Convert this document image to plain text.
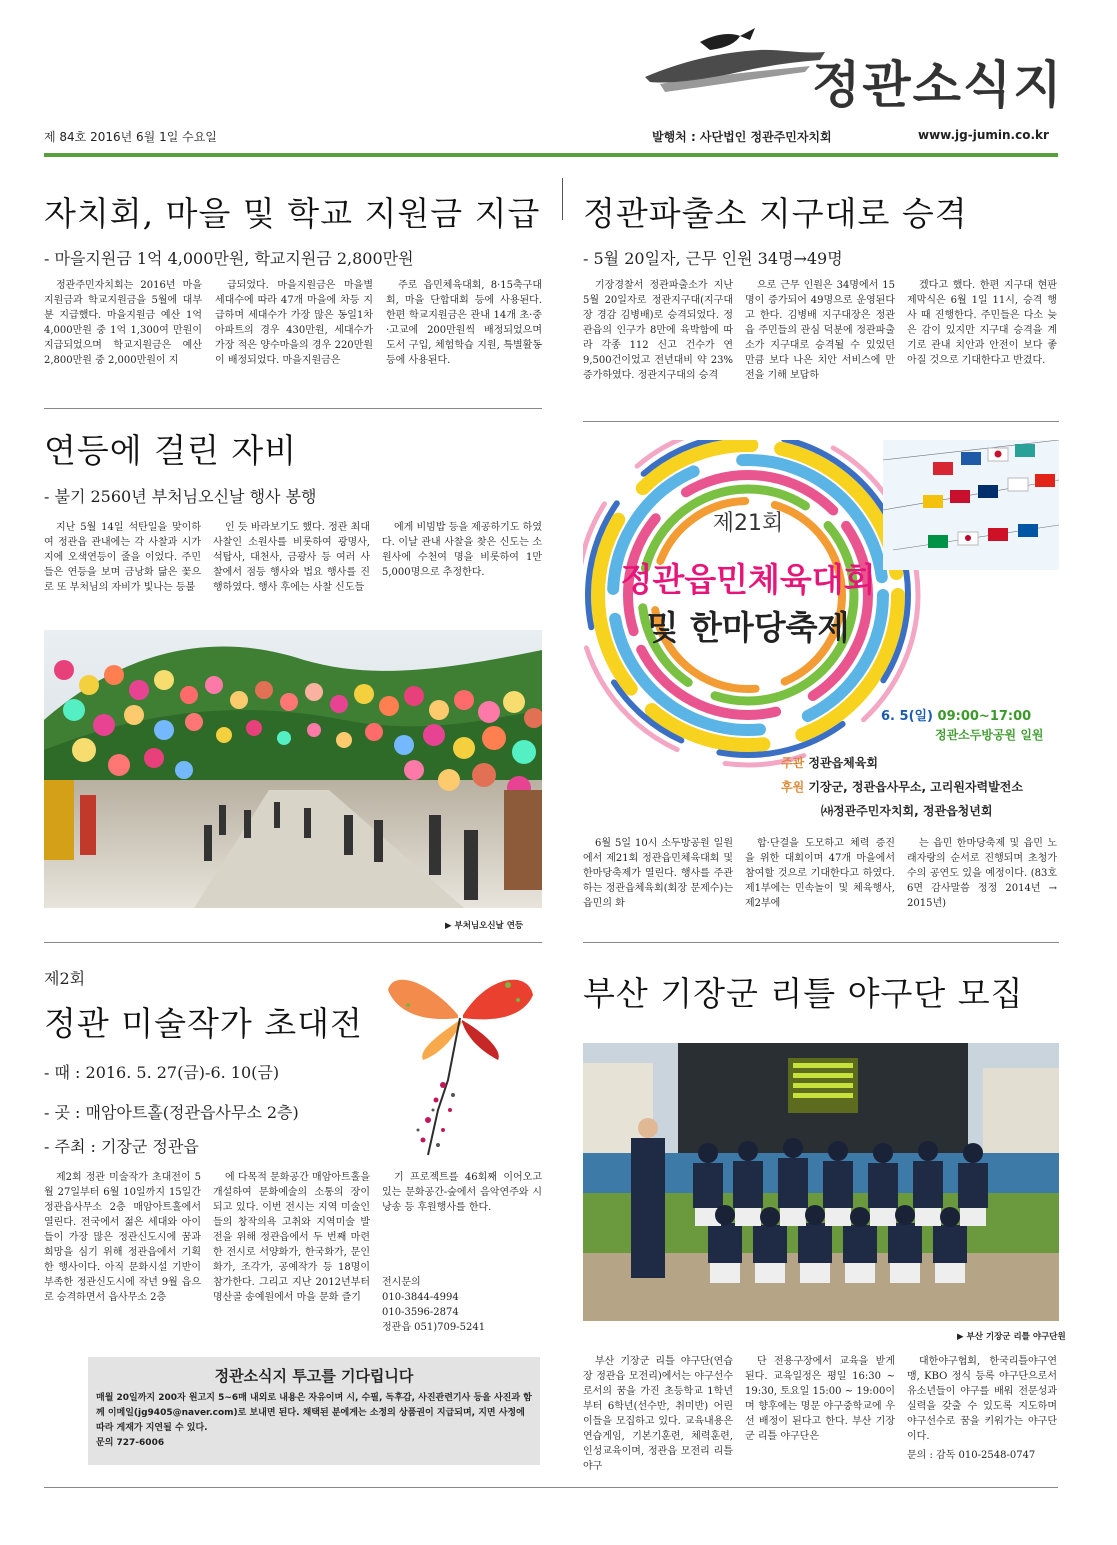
정관소식지
제 84호 2016년 6월 1일 수요일	발행처 : 사단법인 정관주민자치회	www.jg-jumin.co.kr
자치회, 마을 및 학교 지원금 지급
- 마을지원금 1억 4,000만원, 학교지원금 2,800만원

정관주민자치회는 2016년 마을지원금과 학교지원금을 5월에 대부분 지급했다. 마을지원금 예산 1억 4,000만원 중 1억 1,300여 만원이 지급되었으며 학교지원금은 예산 2,800만원 중 2,000만원이 지

급되었다. 마을지원금은 마을별 세대수에 따라 47개 마을에 차등 지급하며 세대수가 가장 많은 동일1차아파트의 경우 430만원, 세대수가 가장 적은 양수마을의 경우 220만원이 배정되었다. 마을지원금은

주로 읍민체육대회, 8·15축구대회, 마을 단합대회 등에 사용된다. 한편 학교지원금은 관내 14개 초·중·고교에 200만원씩 배정되었으며 도서 구입, 체험학습 지원, 특별활동 등에 사용된다.

정관파출소 지구대로 승격
- 5월 20일자, 근무 인원 34명→49명

기장경찰서 정관파출소가 지난 5월 20일자로 정관지구대(지구대장 경감 김병배)로 승격되었다. 정관읍의 인구가 8만에 육박함에 따라 각종 112 신고 건수가 연 9,500건이었고 전년대비 약 23% 증가하였다. 정관지구대의 승격

으로 근무 인원은 34명에서 15명이 증가되어 49명으로 운영된다고 한다. 김병배 지구대장은 정관읍 주민들의 관심 덕분에 정관파출소가 지구대로 승격될 수 있었던 만큼 보다 나은 치안 서비스에 만전을 기해 보답하

겠다고 했다. 한편 지구대 현판 제막식은 6월 1일 11시, 승격 행사 때 진행한다. 주민들은 다소 늦은 감이 있지만 지구대 승격을 계기로 관내 치안과 안전이 보다 좋아질 것으로 기대한다고 반겼다.

연등에 걸린 자비
- 불기 2560년 부처님오신날 행사 봉행

지난 5월 14일 석탄일을 맞이하여 정관읍 관내에는 각 사찰과 시가지에 오색연등이 줄을 이었다. 주민들은 연등을 보며 금낭화 닮은 꽃으로 또 부처님의 자비가 빛나는 등불

인 듯 바라보기도 했다. 정관 최대 사찰인 소원사를 비롯하여 광명사, 석탑사, 대천사, 금광사 등 여러 사찰에서 점등 행사와 법요 행사를 진행하였다. 행사 후에는 사찰 신도들

에게 비빔밥 등을 제공하기도 하였다. 이날 관내 사찰을 찾은 신도는 소원사에 수천여 명을 비롯하여 1만 5,000명으로 추정한다.

▶ 부처님오신날 연등
제21회
정관읍민체육대회
및 한마당축제
6. 5(일) 09:00~17:00
정관소두방공원 일원
주관 정관읍체육회
후원 기장군, 정관읍사무소, 고리원자력발전소
㈔정관주민자치회, 정관읍청년회

6월 5일 10시 소두방공원 일원에서 제21회 정관읍민체육대회 및 한마당축제가 열린다. 행사를 주관하는 정관읍체육회(회장 문제수)는 읍민의 화

합·단결을 도모하고 체력 증진을 위한 대회이며 47개 마을에서 참여할 것으로 기대한다고 하였다. 제1부에는 민속놀이 및 체육행사, 제2부에

는 읍민 한마당축제 및 읍민 노래자랑의 순서로 진행되며 초청가수의 공연도 있을 예정이다. (83호 6면 감사말씀 정정 2014년 → 2015년)

제2회
정관 미술작가 초대전
- 때 : 2016. 5. 27(금)-6. 10(금)
- 곳 : 매암아트홀(정관읍사무소 2층)
- 주최 : 기장군 정관읍

제2회 정관 미술작가 초대전이 5월 27일부터 6월 10일까지 15일간 정관읍사무소 2층 매암아트홀에서 열린다. 전국에서 젊은 세대와 아이들이 가장 많은 정관신도시에 꿈과 희망을 심기 위해 정관읍에서 기획한 행사이다. 아직 문화시설 기반이 부족한 정관신도시에 작년 9월 읍으로 승격하면서 읍사무소 2층

에 다목적 문화공간 매암아트홀을 개설하여 문화예술의 소통의 장이 되고 있다. 이번 전시는 지역 미술인들의 창작의욕 고취와 지역미술 발전을 위해 정관읍에서 두 번째 마련한 전시로 서양화가, 한국화가, 문인화가, 조각가, 공예작가 등 18명이 참가한다. 그리고 지난 2012년부터 명산골 송예원에서 마을 문화 즐기

기 프로젝트를 46회째 이어오고 있는 문화공간-숲에서 음악연주와 시낭송 등 후원행사를 한다.

전시문의
010-3844-4994
010-3596-2874
정관읍 051)709-5241
정관소식지 투고를 기다립니다
매월 20일까지 200자 원고지 5~6매 내외로 내용은 자유이며 시, 수필, 독후감, 사진관련기사 등을 사진과 함께 이메일(jg9405@naver.com)로 보내면 된다. 채택된 분에게는 소정의 상품권이 지급되며, 지면 사정에 따라 게재가 지연될 수 있다.
문의 727-6006
부산 기장군 리틀 야구단 모집
▶ 부산 기장군 리틀 야구단원

부산 기장군 리틀 야구단(연습장 정관읍 모전리)에서는 야구선수로서의 꿈을 가진 초등학교 1학년부터 6학년(선수반, 취미반) 어린이들을 모집하고 있다. 교육내용은 연습게임, 기본기훈련, 체력훈련, 인성교육이며, 정관읍 모전리 리틀야구

단 전용구장에서 교육을 받게 된다. 교육일정은 평일 16:30 ~ 19:30, 토요일 15:00 ~ 19:00이며 향후에는 명문 야구중학교에 우선 배정이 된다고 한다. 부산 기장군 리틀 야구단은

대한야구협회, 한국리틀야구연맹, KBO 정식 등록 야구단으로서 유소년들이 야구를 배워 전문성과 실력을 갖출 수 있도록 지도하며 야구선수로 꿈을 키워가는 야구단이다.

문의 : 감독 010-2548-0747
